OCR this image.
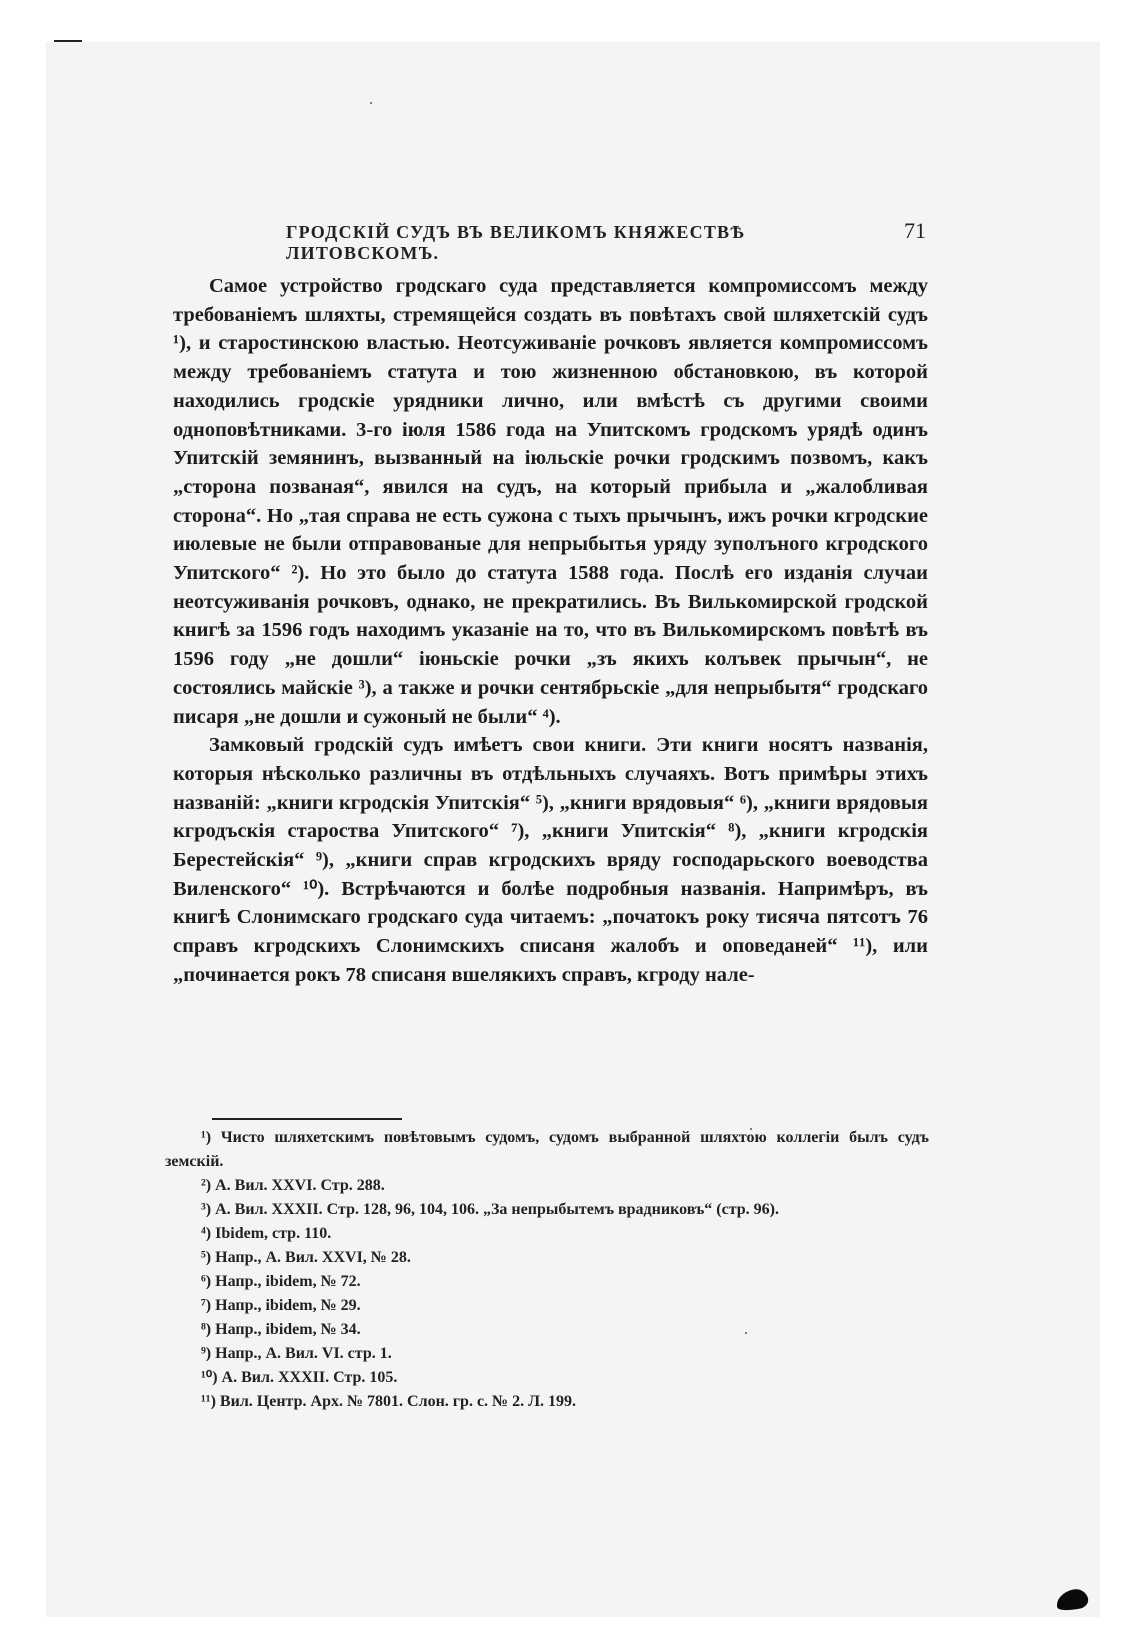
ГРОДСКІЙ СУДЪ ВЪ ВЕЛИКОМЪ КНЯЖЕСТВѢ ЛИТОВСКОМЪ.
71

Самое устройство гродскаго суда представляется компромиссомъ между требованіемъ шляхты, стремящейся создать въ повѣтахъ свой шляхетскій судъ ¹), и старостинскою властью. Неотсуживаніе рочковъ является компромиссомъ между требованіемъ статута и тою жизненною обстановкою, въ которой находились гродскіе урядники лично, или вмѣстѣ съ другими своими одноповѣтниками. 3-го іюля 1586 года на Упитскомъ гродскомъ урядѣ одинъ Упитскій земянинъ, вызванный на іюльскіе рочки гродскимъ позвомъ, какъ „сторона позваная“, явился на судъ, на который прибыла и „жалобливая сторона“. Но „тая справа не есть сужона с тыхъ прычынъ, ижъ рочки кгродские июлевые не были отправованые для непрыбытья уряду зуполъного кгродского Упитского“ ²). Но это было до статута 1588 года. Послѣ его изданія случаи неотсуживанія рочковъ, однако, не прекратились. Въ Вилькомирской гродской книгѣ за 1596 годъ находимъ указаніе на то, что въ Вилькомирскомъ повѣтѣ въ 1596 году „не дошли“ іюньскіе рочки „зъ якихъ колъвек прычын“, не состоялись майскіе ³), а также и рочки сентябрьскіе „для непрыбытя“ гродскаго писаря „не дошли и сужоный не были“ ⁴).

Замковый гродскій судъ имѣетъ свои книги. Эти книги носятъ названія, которыя нѣсколько различны въ отдѣльныхъ случаяхъ. Вотъ примѣры этихъ названій: „книги кгродскія Упитскія“ ⁵), „книги врядовыя“ ⁶), „книги врядовыя кгродъскія староства Упитского“ ⁷), „книги Упитскія“ ⁸), „книги кгродскія Берестейскія“ ⁹), „книги справ кгродскихъ вряду господарьского воеводства Виленского“ ¹⁰). Встрѣчаются и болѣе подробныя названія. Напримѣръ, въ книгѣ Слонимскаго гродскаго суда читаемъ: „початокъ року тисяча пятсотъ 76 справъ кгродскихъ Слонимскихъ списаня жалобъ и оповеданей“ ¹¹), или „починается рокъ 78 списаня вшелякихъ справъ, кгроду нале-

¹) Чисто шляхетскимъ повѣтовымъ судомъ, судомъ выбранной шляхтою коллегіи былъ судъ земскій.

²) А. Вил. XXVI. Стр. 288.

³) А. Вил. XXXII. Стр. 128, 96, 104, 106. „За непрыбытемъ врадниковъ“ (стр. 96).

⁴) Ibidem, стр. 110.

⁵) Напр., А. Вил. XXVI, № 28.

⁶) Напр., ibidem, № 72.

⁷) Напр., ibidem, № 29.

⁸) Напр., ibidem, № 34.

⁹) Напр., А. Вил. VI. стр. 1.

¹⁰) А. Вил. XXXII. Стр. 105.

¹¹) Вил. Центр. Арх. № 7801. Слон. гр. с. № 2. Л. 199.
